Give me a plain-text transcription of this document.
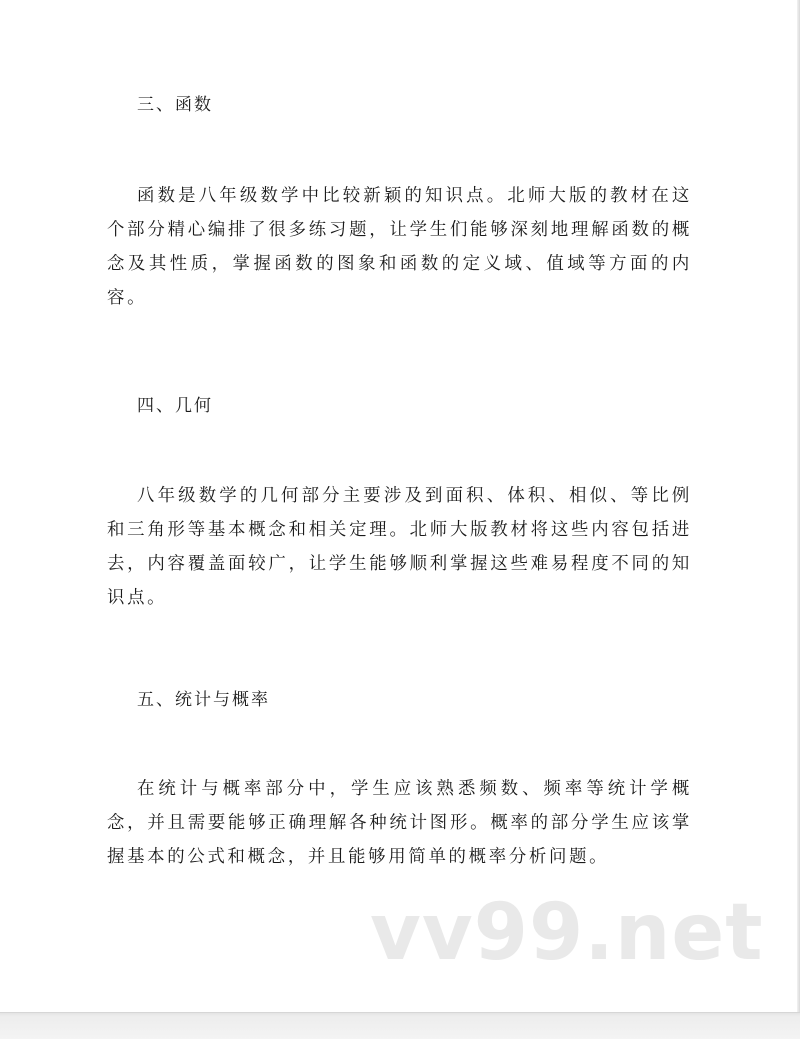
三、函数

函数是八年级数学中比较新颖的知识点。北师大版的教材在这个部分精心编排了很多练习题，让学生们能够深刻地理解函数的概念及其性质，掌握函数的图象和函数的定义域、值域等方面的内容。

四、几何

八年级数学的几何部分主要涉及到面积、体积、相似、等比例和三角形等基本概念和相关定理。北师大版教材将这些内容包括进去，内容覆盖面较广，让学生能够顺利掌握这些难易程度不同的知识点。

五、统计与概率

在统计与概率部分中，学生应该熟悉频数、频率等统计学概念，并且需要能够正确理解各种统计图形。概率的部分学生应该掌握基本的公式和概念，并且能够用简单的概率分析问题。

vv99.net
